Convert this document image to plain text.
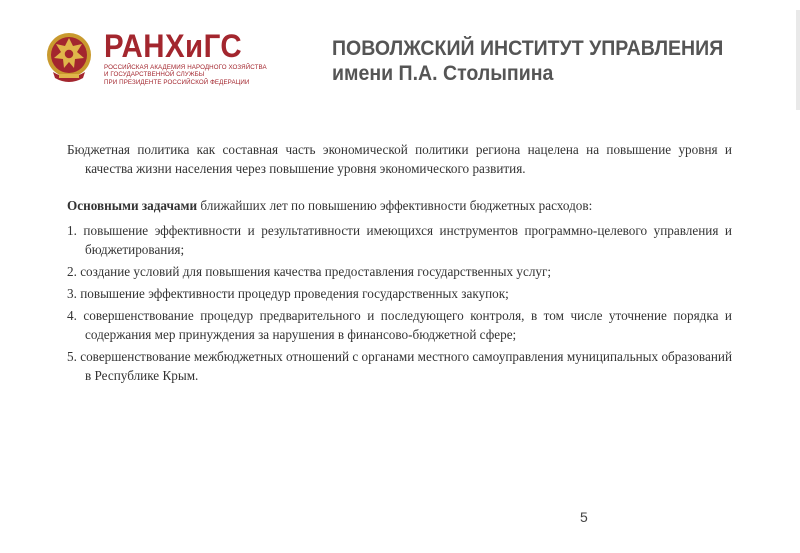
РАНХиГС
РОССИЙСКАЯ АКАДЕМИЯ НАРОДНОГО ХОЗЯЙСТВА
И ГОСУДАРСТВЕННОЙ СЛУЖБЫ
ПРИ ПРЕЗИДЕНТЕ РОССИЙСКОЙ ФЕДЕРАЦИИ
ПОВОЛЖСКИЙ ИНСТИТУТ УПРАВЛЕНИЯ
имени П.А. Столыпина

Бюджетная политика как составная часть экономической политики региона нацелена на повышение уровня и качества жизни населения через повышение уровня экономического развития.

Основными задачами ближайших лет по повышению эффективности бюджетных расходов:

1. повышение эффективности и результативности имеющихся инструментов программно-целевого управления и бюджетирования;

2. создание условий для повышения качества предоставления государственных услуг;

3. повышение эффективности процедур проведения государственных закупок;

4. совершенствование процедур предварительного и последующего контроля, в том числе уточнение порядка и содержания мер принуждения за нарушения в финансово-бюджетной сфере;

5. совершенствование межбюджетных отношений с органами местного самоуправления муниципальных образований в Республике Крым.

5
